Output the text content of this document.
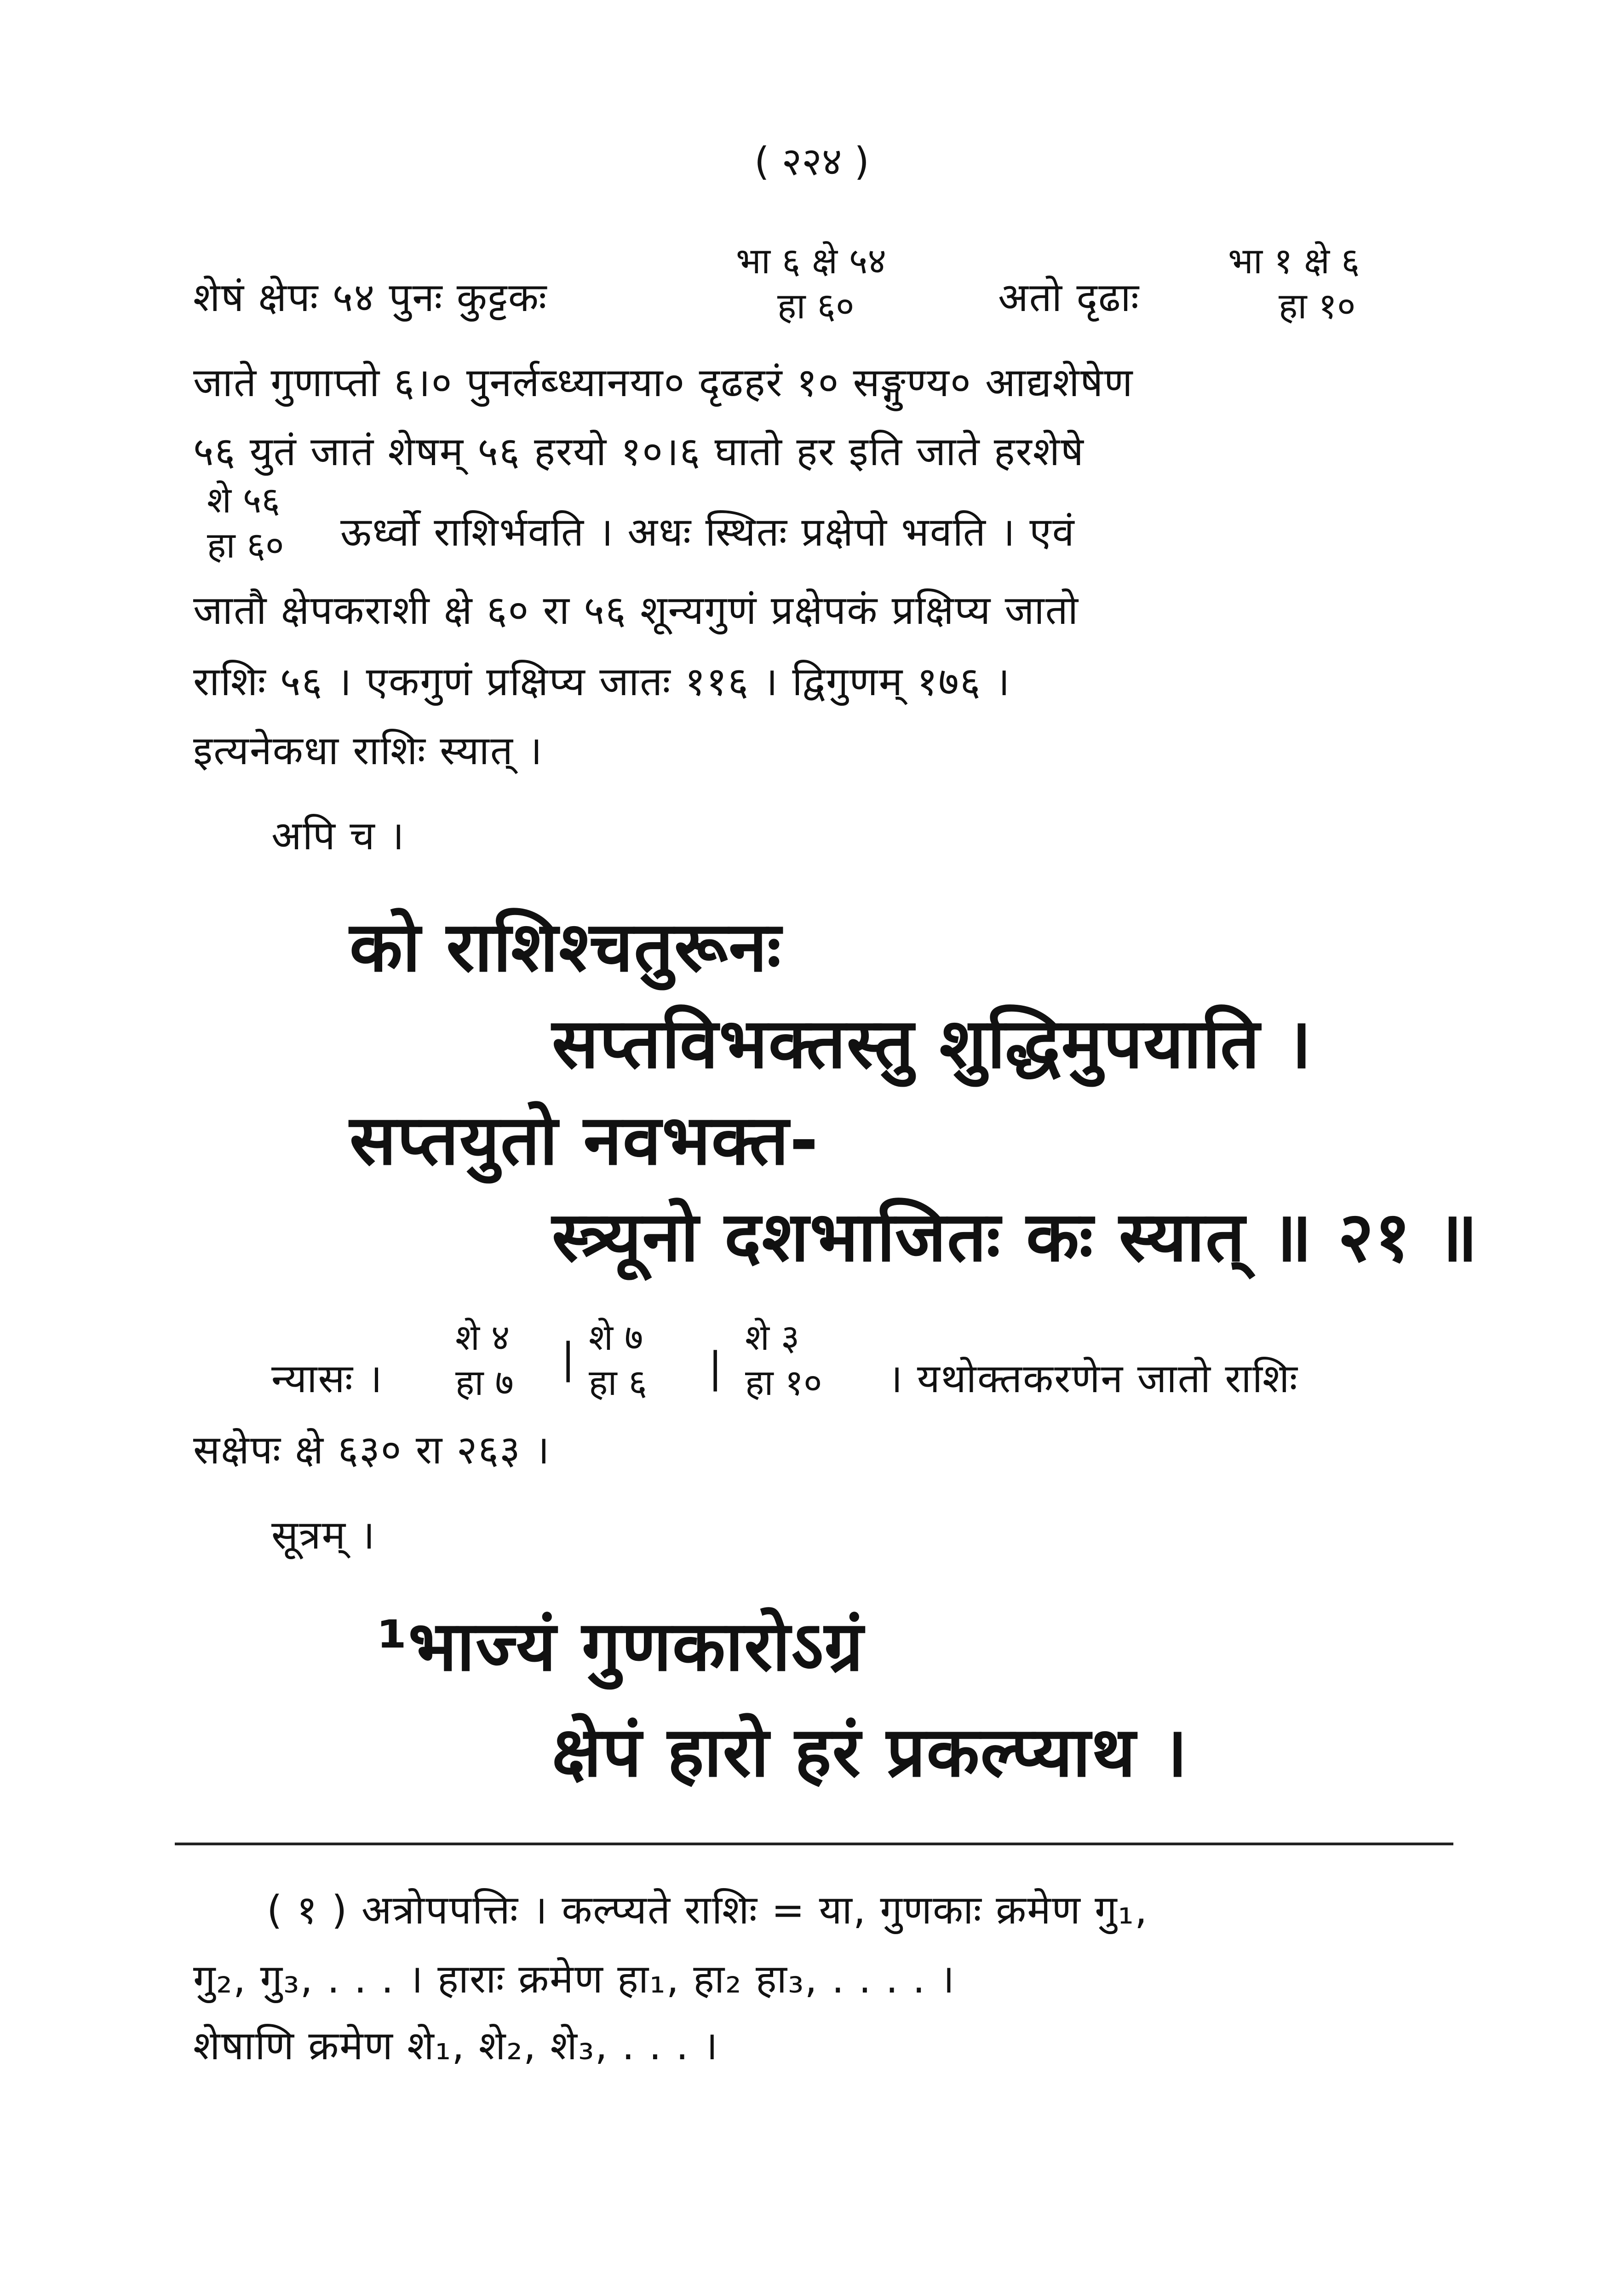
( २२४ )
शेषं क्षेपः ५४ पुनः कुट्टकः
भा ६ क्षे ५४
हा ६०	अतो दृढाः
भा १ क्षे ६
हा १०
जाते गुणाप्तो ६।० पुनर्लब्ध्यानया० दृढहरं १० सङ्गुण्य० आद्यशेषेण
५६ युतं जातं शेषम् ५६ हरयो १०।६ घातो हर इति जाते हरशेषे
शे ५६
हा ६० ऊर्ध्वो राशिर्भवति । अधः स्थितः प्रक्षेपो भवति । एवं
जातौ क्षेपकराशी क्षे ६० रा ५६ शून्यगुणं प्रक्षेपकं प्रक्षिप्य जातो
राशिः ५६ । एकगुणं प्रक्षिप्य जातः ११६ । द्विगुणम् १७६ ।
इत्यनेकधा राशिः स्यात् ।
अपि च ।
को राशिश्चतुरूनः
सप्तविभक्तस्तु शुद्धिमुपयाति ।
सप्तयुतो नवभक्त-
स्त्र्यूनो दशभाजितः कः स्यात् ॥ २१ ॥
न्यासः ।
शे ४
हा ७
| शे ७
हा ६ |
शे ३
हा १० । यथोक्तकरणेन जातो राशिः
सक्षेपः क्षे ६३० रा २६३ ।
सूत्रम् ।
¹भाज्यं गुणकारोऽग्रं
क्षेपं हारो हरं प्रकल्प्याथ ।
( १ ) अत्रोपपत्तिः । कल्प्यते राशिः = या, गुणकाः क्रमेण गु₁,
गु₂, गु₃, . . . । हाराः क्रमेण हा₁, हा₂ हा₃, . . . . ।
शेषाणि क्रमेण शे₁, शे₂, शे₃, . . . ।
